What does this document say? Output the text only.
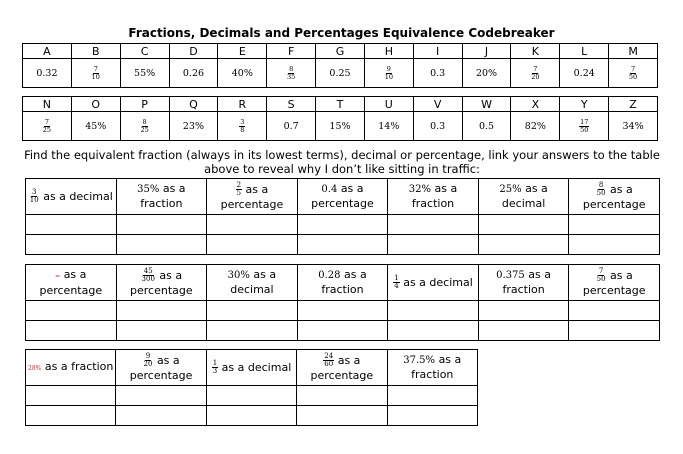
Fractions, Decimals and Percentages Equivalence Codebreaker
A	B	C	D	E	F	G	H	I	J	K	L	M
0.32	$\frac{7}{10}$	55%	0.26	40%	$\frac{8}{35}$	0.25	$\frac{9}{10}$	0.3	20%	$\frac{7}{20}$	0.24	$\frac{7}{50}$
N	O	P	Q	R	S	T	U	V	W	X	Y	Z

$\frac{7}{25}$	45%	$\frac{8}{25}$	23%	$\frac{3}{8}$	0.7	15%	14%	0.3	0.5	82%	$\frac{17}{50}$	34%
Find the equivalent fraction (always in its lowest terms), decimal or percentage, link your answers to the table above to reveal why I don’t like sitting in traffic:
$\frac{3}{10}$ as a decimal	35% as a fraction	$\frac{2}{5}$ as a percentage	0.4 as a percentage	32% as a fraction	25% as a decimal	$\frac{8}{50}$ as a percentage

= as a percentage	$\frac{45}{300}$ as a percentage	30% as a decimal	0.28 as a fraction	$\frac{1}{4}$ as a decimal	0.375 as a fraction	$\frac{7}{50}$ as a percentage

28% as a fraction	$\frac{9}{20}$ as a percentage	$\frac{1}{3}$ as a decimal	$\frac{24}{60}$ as a percentage	37.5% as a fraction
